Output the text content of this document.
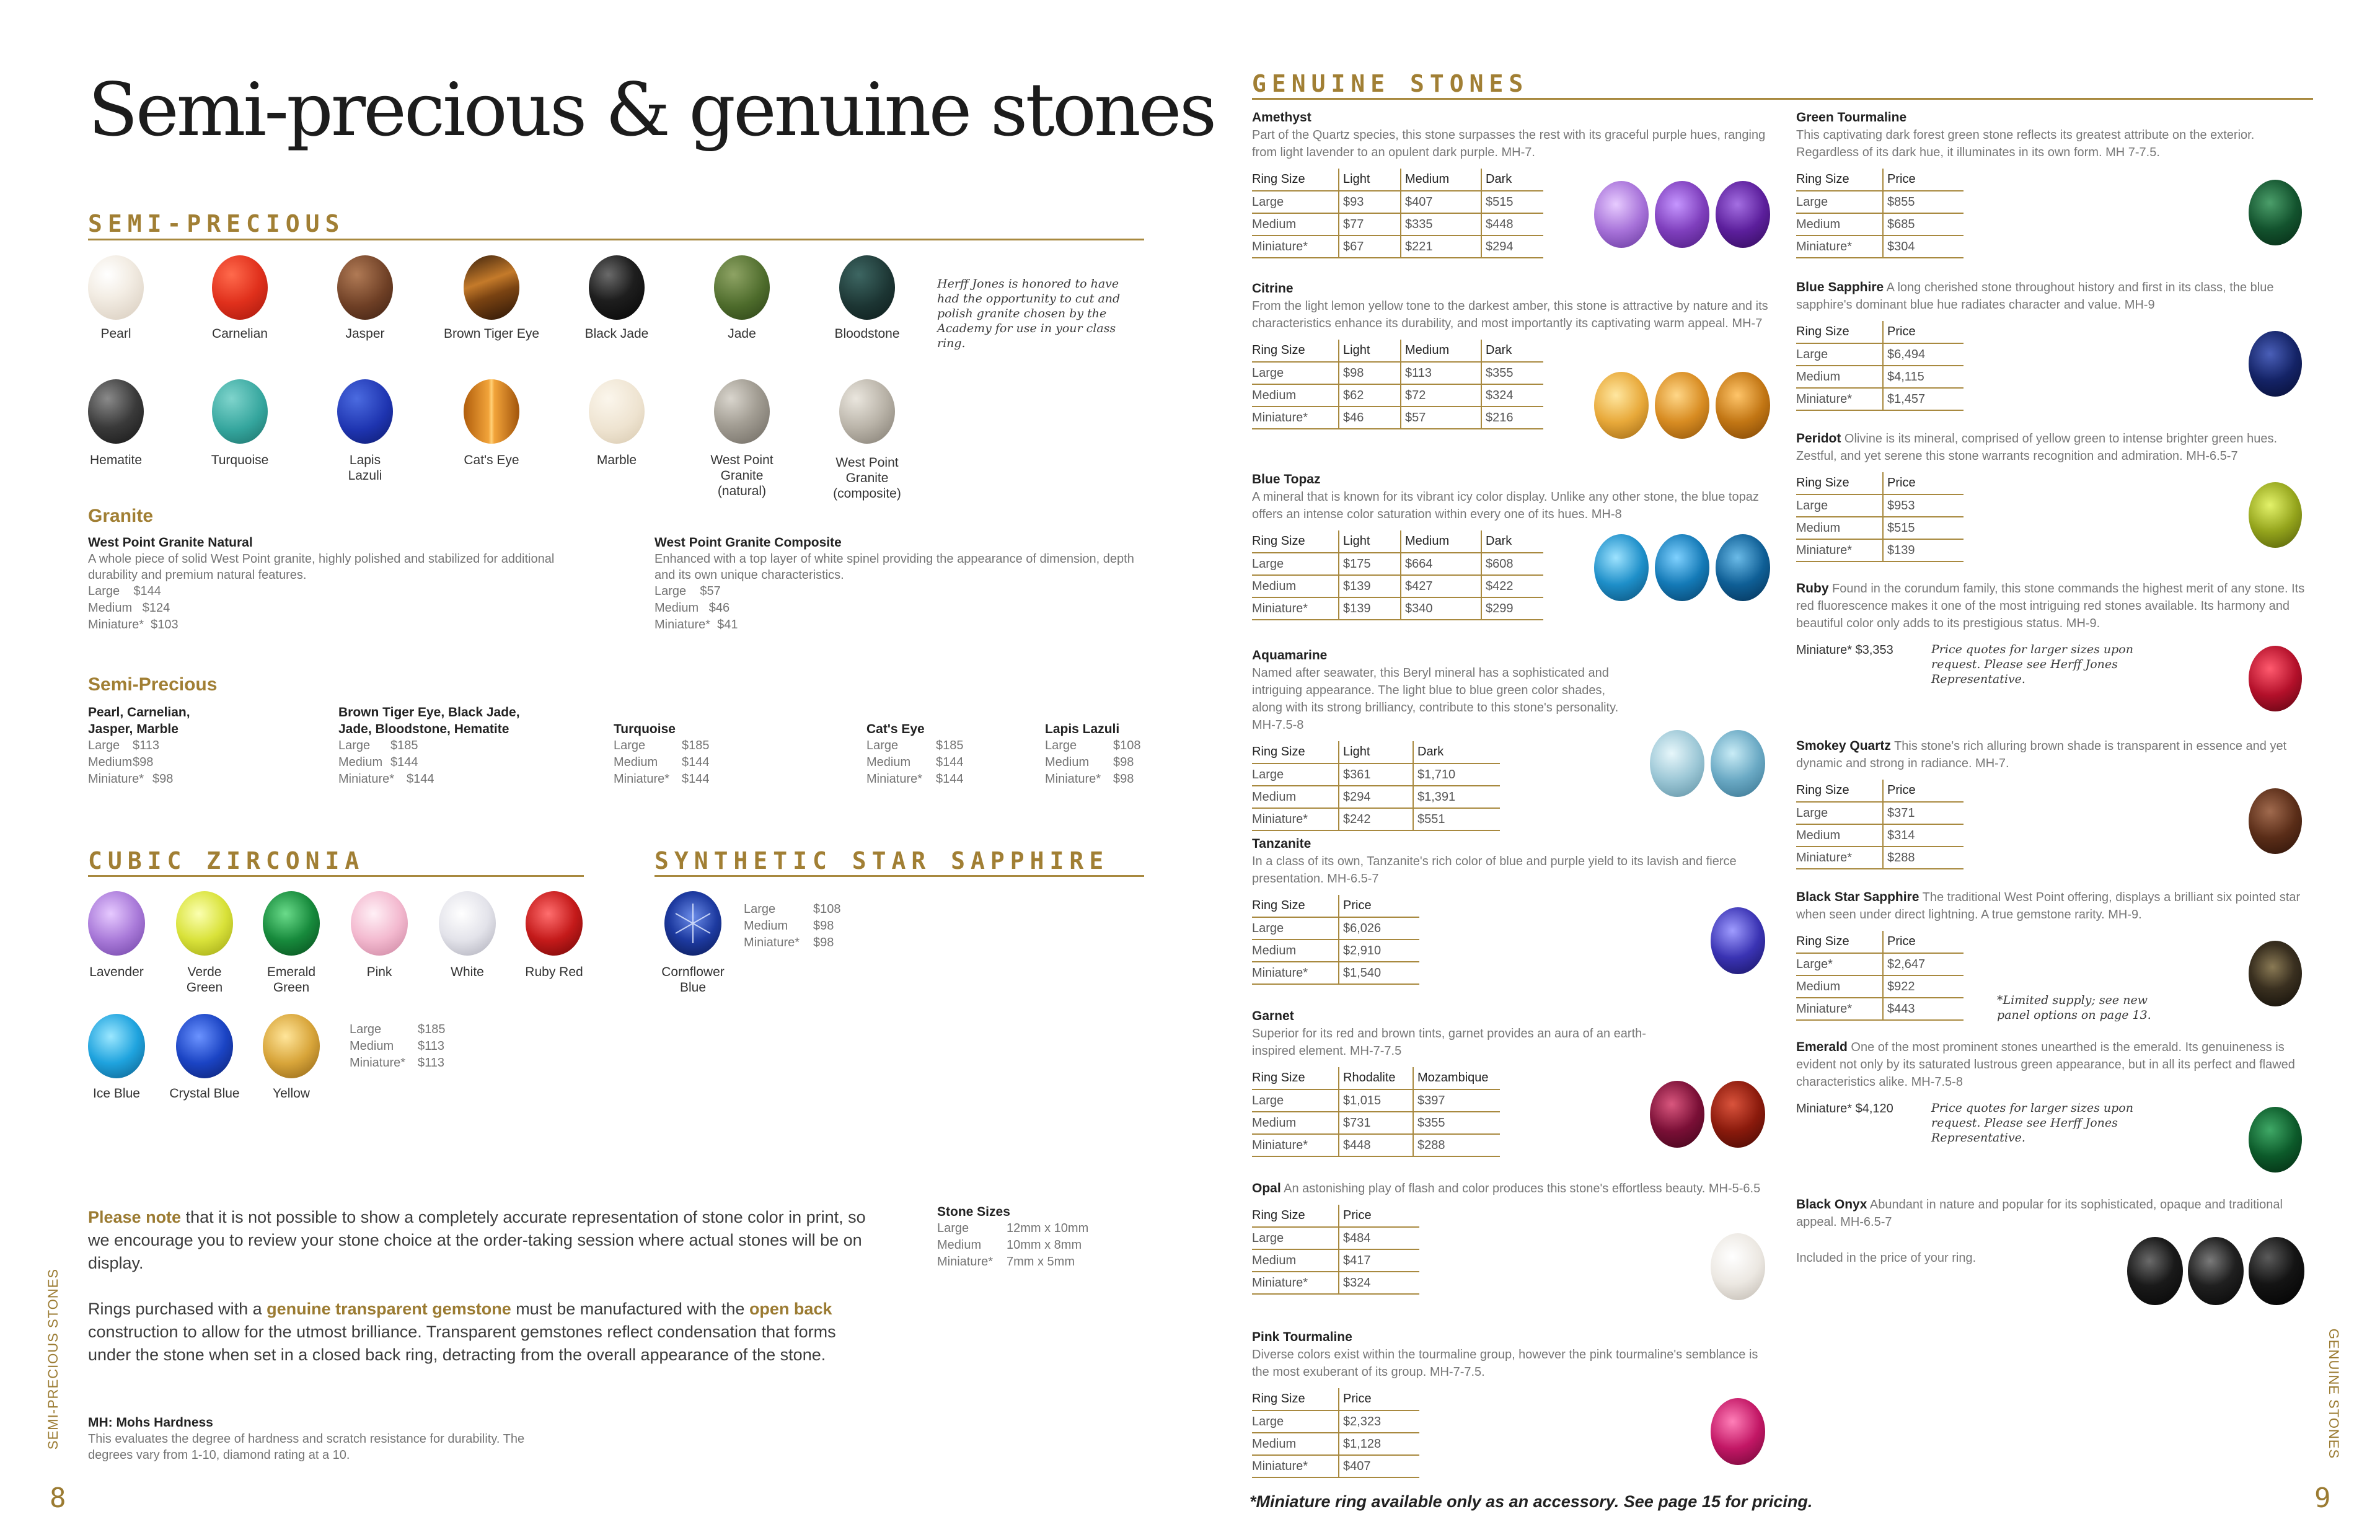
Semi-precious & genuine stones
SEMI-PRECIOUS
Pearl	Carnelian	Jasper	Brown Tiger Eye	Black Jade	Jade	Bloodstone
Herff Jones is honored to have had the opportunity to cut and polish granite chosen by the Academy for use in your class ring.
Hematite	Turquoise	Lapis Lazuli
Cat's Eye	Marble	West Point Granite (natural)
West Point Granite (composite)
Granite
West Point Granite Natural
A whole piece of solid West Point granite, highly polished and stabilized for additional durability and premium natural features.
Large    $144
Medium   $124
Miniature*  $103
West Point Granite Composite
Enhanced with a top layer of white spinel providing the appearance of dimension, depth and its own unique characteristics.
Large    $57
Medium   $46
Miniature*  $41
Semi-Precious
Pearl, Carnelian, Jasper, Marble
Large $113
Medium$98
Miniature* $98
Brown Tiger Eye, Black Jade, Jade, Bloodstone, Hematite
Large $185
Medium $144
Miniature* $144
Turquoise
Large	$185
Medium $144
Miniature* $144
Cat's Eye
Large	$185
Medium $144
Miniature* $144
Lapis Lazuli
Large	$108
Medium $98
Miniature* $98
CUBIC ZIRCONIA
Lavender	Verde Green
Emerald Green
Pink	White	Ruby Red
Ice Blue	Crystal Blue	Yellow
Large	$185
Medium $113
Miniature* $113
SYNTHETIC STAR SAPPHIRE
Cornflower Blue
Large	$108
Medium $98
Miniature* $98
Please note that it is not possible to show a completely accurate representation of stone color in print, so we encourage you to review your stone choice at the order-taking session where actual stones will be on display.
Rings purchased with a genuine transparent gemstone must be manufactured with the open back construction to allow for the utmost brilliance. Transparent gemstones reflect condensation that forms under the stone when set in a closed back ring, detracting from the overall appearance of the stone.
MH: Mohs Hardness
This evaluates the degree of hardness and scratch resistance for durability. The degrees vary from 1-10, diamond rating at a 10.
Stone Sizes
Large	12mm x 10mm
Medium 10mm x 8mm
Miniature* 7mm x 5mm
SEMI-PRECIOUS STONES
8
GENUINE STONES
Amethyst
Part of the Quartz species, this stone surpasses the rest with its graceful purple hues, ranging from light lavender to an opulent dark purple. MH-7.
Ring Size	Light	Medium	Dark
Large	$93	$407	$515
Medium	$77	$335	$448
Miniature*	$67	$221	$294
Citrine
From the light lemon yellow tone to the darkest amber, this stone is attractive by nature and its characteristics enhance its durability, and most importantly its captivating warm appeal. MH-7
Ring Size	Light	Medium	Dark
Large	$98	$113	$355
Medium	$62	$72	$324
Miniature*	$46	$57	$216
Blue Topaz
A mineral that is known for its vibrant icy color display. Unlike any other stone, the blue topaz offers an intense color saturation within every one of its hues. MH-8
Ring Size	Light	Medium	Dark
Large	$175	$664	$608
Medium	$139	$427	$422
Miniature*	$139	$340	$299
Aquamarine
Named after seawater, this Beryl mineral has a sophisticated and intriguing appearance. The light blue to blue green color shades, along with its strong brilliancy, contribute to this stone's personality. MH-7.5-8
Ring Size	Light	Dark
Large	$361	$1,710
Medium	$294	$1,391
Miniature*	$242	$551
Tanzanite
In a class of its own, Tanzanite's rich color of blue and purple yield to its lavish and fierce presentation. MH-6.5-7
Ring Size	Price
Large	$6,026
Medium	$2,910
Miniature*	$1,540
Garnet
Superior for its red and brown tints, garnet provides an aura of an earth-inspired element. MH-7-7.5
Ring Size	Rhodalite	Mozambique
Large	$1,015	$397
Medium	$731	$355
Miniature*	$448	$288
Opal An astonishing play of flash and color produces this stone's effortless beauty. MH-5-6.5
Ring Size	Price
Large	$484
Medium	$417
Miniature*	$324
Pink Tourmaline
Diverse colors exist within the tourmaline group, however the pink tourmaline's semblance is the most exuberant of its group. MH-7-7.5.
Ring Size	Price
Large	$2,323
Medium	$1,128
Miniature*	$407
Green Tourmaline
This captivating dark forest green stone reflects its greatest attribute on the exterior. Regardless of its dark hue, it illuminates in its own form. MH 7-7.5.
Ring Size	Price
Large	$855
Medium	$685
Miniature*	$304
Blue Sapphire A long cherished stone throughout history and first in its class, the blue sapphire's dominant blue hue radiates character and value. MH-9
Ring Size	Price
Large	$6,494
Medium	$4,115
Miniature*	$1,457
Peridot Olivine is its mineral, comprised of yellow green to intense brighter green hues. Zestful, and yet serene this stone warrants recognition and admiration. MH-6.5-7
Ring Size	Price
Large	$953
Medium	$515
Miniature*	$139
Ruby Found in the corundum family, this stone commands the highest merit of any stone. Its red fluorescence makes it one of the most intriguing red stones available. Its harmony and beautiful color only adds to its prestigious status. MH-9.
Miniature* $3,353	Price quotes for larger sizes upon request. Please see Herff Jones Representative.
Smokey Quartz This stone's rich alluring brown shade is transparent in essence and yet dynamic and strong in radiance. MH-7.
Ring Size	Price
Large	$371
Medium	$314
Miniature*	$288
Black Star Sapphire The traditional West Point offering, displays a brilliant six pointed star when seen under direct lightning. A true gemstone rarity. MH-9.
Ring Size	Price
Large*	$2,647
Medium	$922
Miniature*	$443
*Limited supply; see new panel options on page 13.
Emerald One of the most prominent stones unearthed is the emerald. Its genuineness is evident not only by its saturated lustrous green appearance, but in all its perfect and flawed characteristics alike. MH-7.5-8
Miniature* $4,120	Price quotes for larger sizes upon request. Please see Herff Jones Representative.
Black Onyx Abundant in nature and popular for its sophisticated, opaque and traditional appeal. MH-6.5-7
Included in the price of your ring.
*Miniature ring available only as an accessory. See page 15 for pricing.
GENUINE STONES
9
